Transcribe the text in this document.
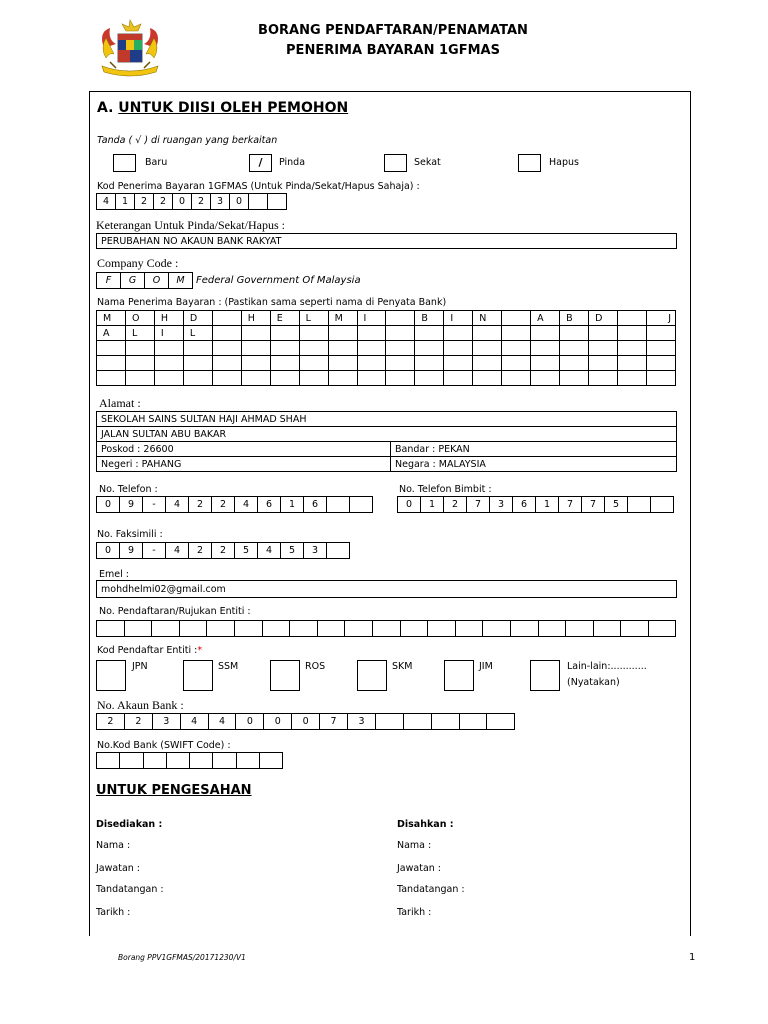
BORANG PENDAFTARAN/PENAMATAN
PENERIMA BAYARAN 1GFMAS
A. UNTUK DIISI OLEH PEMOHON
Tanda ( √ ) di ruangan yang berkaitan
Baru	/	Pinda	Sekat	Hapus
Kod Penerima Bayaran 1GFMAS (Untuk Pinda/Sekat/Hapus Sahaja) :
4	1	2	2	0	2	3	0		
Keterangan Untuk Pinda/Sekat/Hapus :
PERUBAHAN NO AKAUN BANK RAKYAT
Company Code :
F	G	O	M Federal Government Of Malaysia
Nama Penerima Bayaran : (Pastikan sama seperti nama di Penyata Bank)
M	O	H	D		H	E	L	M	I		B	I	N		A	B	D		J
A	L	I	L																

Alamat :
SEKOLAH SAINS SULTAN HAJI AHMAD SHAH	
JALAN SULTAN ABU BAKAR	
Poskod : 26600	Bandar : PEKAN
Negeri : PAHANG	Negara : MALAYSIA
No. Telefon :
0	9	-	4	2	2	4	6	1	6		
No. Telefon Bimbit :
0	1	2	7	3	6	1	7	7	5		
No. Faksimili :
0	9	-	4	2	2	5	4	5	3	
Emel :
mohdhelmi02@gmail.com
No. Pendaftaran/Rujukan Entiti :

Kod Pendaftar Entiti :*
JPN	SSM	ROS	SKM	JIM	Lain-lain:............
(Nyatakan)
No. Akaun Bank :
2	2	3	4	4	0	0	0	7	3					
No.Kod Bank (SWIFT Code) :

UNTUK PENGESAHAN
Disediakan :
Nama :
Jawatan :
Tandatangan :
Tarikh :
Disahkan :
Nama :
Jawatan :
Tandatangan :
Tarikh :
Borang PPV1GFMAS/20171230/V1	1
